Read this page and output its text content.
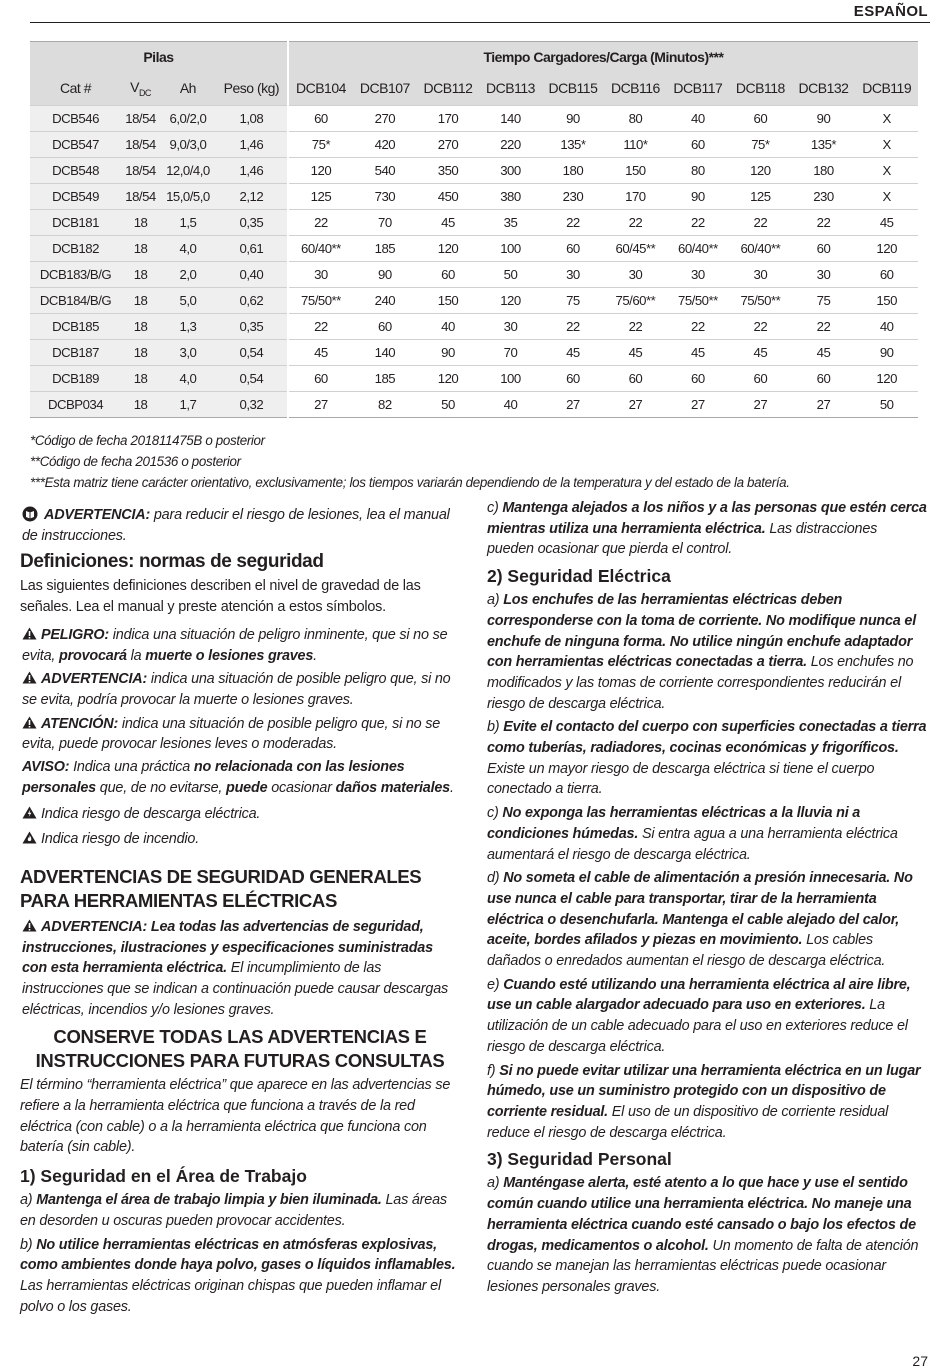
ESPAÑOL
Pilas				Tiempo Cargadores/Carga (Minutos)***									
Cat #	$V_{DC}$	Ah	Peso (kg)	DCB104	DCB107	DCB112	DCB113	DCB115	DCB116	DCB117	DCB118	DCB132	DCB119
DCB546	18/54	6,0/2,0	1,08	60	270	170	140	90	80	40	60	90	X
DCB547	18/54	9,0/3,0	1,46	75*	420	270	220	135*	110*	60	75*	135*	X
DCB548	18/54	12,0/4,0	1,46	120	540	350	300	180	150	80	120	180	X
DCB549	18/54	15,0/5,0	2,12	125	730	450	380	230	170	90	125	230	X
DCB181	18	1,5	0,35	22	70	45	35	22	22	22	22	22	45
DCB182	18	4,0	0,61	60/40**	185	120	100	60	60/45**	60/40**	60/40**	60	120
DCB183/B/G	18	2,0	0,40	30	90	60	50	30	30	30	30	30	60
DCB184/B/G	18	5,0	0,62	75/50**	240	150	120	75	75/60**	75/50**	75/50**	75	150
DCB185	18	1,3	0,35	22	60	40	30	22	22	22	22	22	40
DCB187	18	3,0	0,54	45	140	90	70	45	45	45	45	45	90
DCB189	18	4,0	0,54	60	185	120	100	60	60	60	60	60	120
DCBP034	18	1,7	0,32	27	82	50	40	27	27	27	27	27	50
*Código de fecha 201811475B o posterior
**Código de fecha 201536 o posterior
***Esta matriz tiene carácter orientativo, exclusivamente; los tiempos variarán dependiendo de la temperatura y del estado de la batería.

ADVERTENCIA: para reducir el riesgo de lesiones, lea el manual de instrucciones.

Definiciones: normas de seguridad

Las siguientes definiciones describen el nivel de gravedad de las señales. Lea el manual y preste atención a estos símbolos.

PELIGRO: indica una situación de peligro inminente, que si no se evita, provocará la muerte o lesiones graves.

ADVERTENCIA: indica una situación de posible peligro que, si no se evita, podría provocar la muerte o lesiones graves.

ATENCIÓN: indica una situación de posible peligro que, si no se evita, puede provocar lesiones leves o moderadas.

AVISO: Indica una práctica no relacionada con las lesiones personales que, de no evitarse, puede ocasionar daños materiales.

Indica riesgo de descarga eléctrica.

Indica riesgo de incendio.

ADVERTENCIAS DE SEGURIDAD GENERALES PARA HERRAMIENTAS ELÉCTRICAS

ADVERTENCIA: Lea todas las advertencias de seguridad, instrucciones, ilustraciones y especificaciones suministradas con esta herramienta eléctrica. El incumplimiento de las instrucciones que se indican a continuación puede causar descargas eléctricas, incendios y/o lesiones graves.

CONSERVE TODAS LAS ADVERTENCIAS E INSTRUCCIONES PARA FUTURAS CONSULTAS

El término “herramienta eléctrica” que aparece en las advertencias se refiere a la herramienta eléctrica que funciona a través de la red eléctrica (con cable) o a la herramienta eléctrica que funciona con batería (sin cable).

1) Seguridad en el Área de Trabajo

a) Mantenga el área de trabajo limpia y bien iluminada. Las áreas en desorden u oscuras pueden provocar accidentes.

b) No utilice herramientas eléctricas en atmósferas explosivas, como ambientes donde haya polvo, gases o líquidos inflamables. Las herramientas eléctricas originan chispas que pueden inflamar el polvo o los gases.

c) Mantenga alejados a los niños y a las personas que estén cerca mientras utiliza una herramienta eléctrica. Las distracciones pueden ocasionar que pierda el control.

2) Seguridad Eléctrica

a) Los enchufes de las herramientas eléctricas deben corresponderse con la toma de corriente. No modifique nunca el enchufe de ninguna forma. No utilice ningún enchufe adaptador con herramientas eléctricas conectadas a tierra. Los enchufes no modificados y las tomas de corriente correspondientes reducirán el riesgo de descarga eléctrica.

b) Evite el contacto del cuerpo con superficies conectadas a tierra como tuberías, radiadores, cocinas económicas y frigoríficos. Existe un mayor riesgo de descarga eléctrica si tiene el cuerpo conectado a tierra.

c) No exponga las herramientas eléctricas a la lluvia ni a condiciones húmedas. Si entra agua a una herramienta eléctrica aumentará el riesgo de descarga eléctrica.

d) No someta el cable de alimentación a presión innecesaria. No use nunca el cable para transportar, tirar de la herramienta eléctrica o desenchufarla. Mantenga el cable alejado del calor, aceite, bordes afilados y piezas en movimiento. Los cables dañados o enredados aumentan el riesgo de descarga eléctrica.

e) Cuando esté utilizando una herramienta eléctrica al aire libre, use un cable alargador adecuado para uso en exteriores. La utilización de un cable adecuado para el uso en exteriores reduce el riesgo de descarga eléctrica.

f) Si no puede evitar utilizar una herramienta eléctrica en un lugar húmedo, use un suministro protegido con un dispositivo de corriente residual. El uso de un dispositivo de corriente residual reduce el riesgo de descarga eléctrica.

3) Seguridad Personal

a) Manténgase alerta, esté atento a lo que hace y use el sentido común cuando utilice una herramienta eléctrica. No maneje una herramienta eléctrica cuando esté cansado o bajo los efectos de drogas, medicamentos o alcohol. Un momento de falta de atención cuando se manejan las herramientas eléctricas puede ocasionar lesiones personales graves.

27
